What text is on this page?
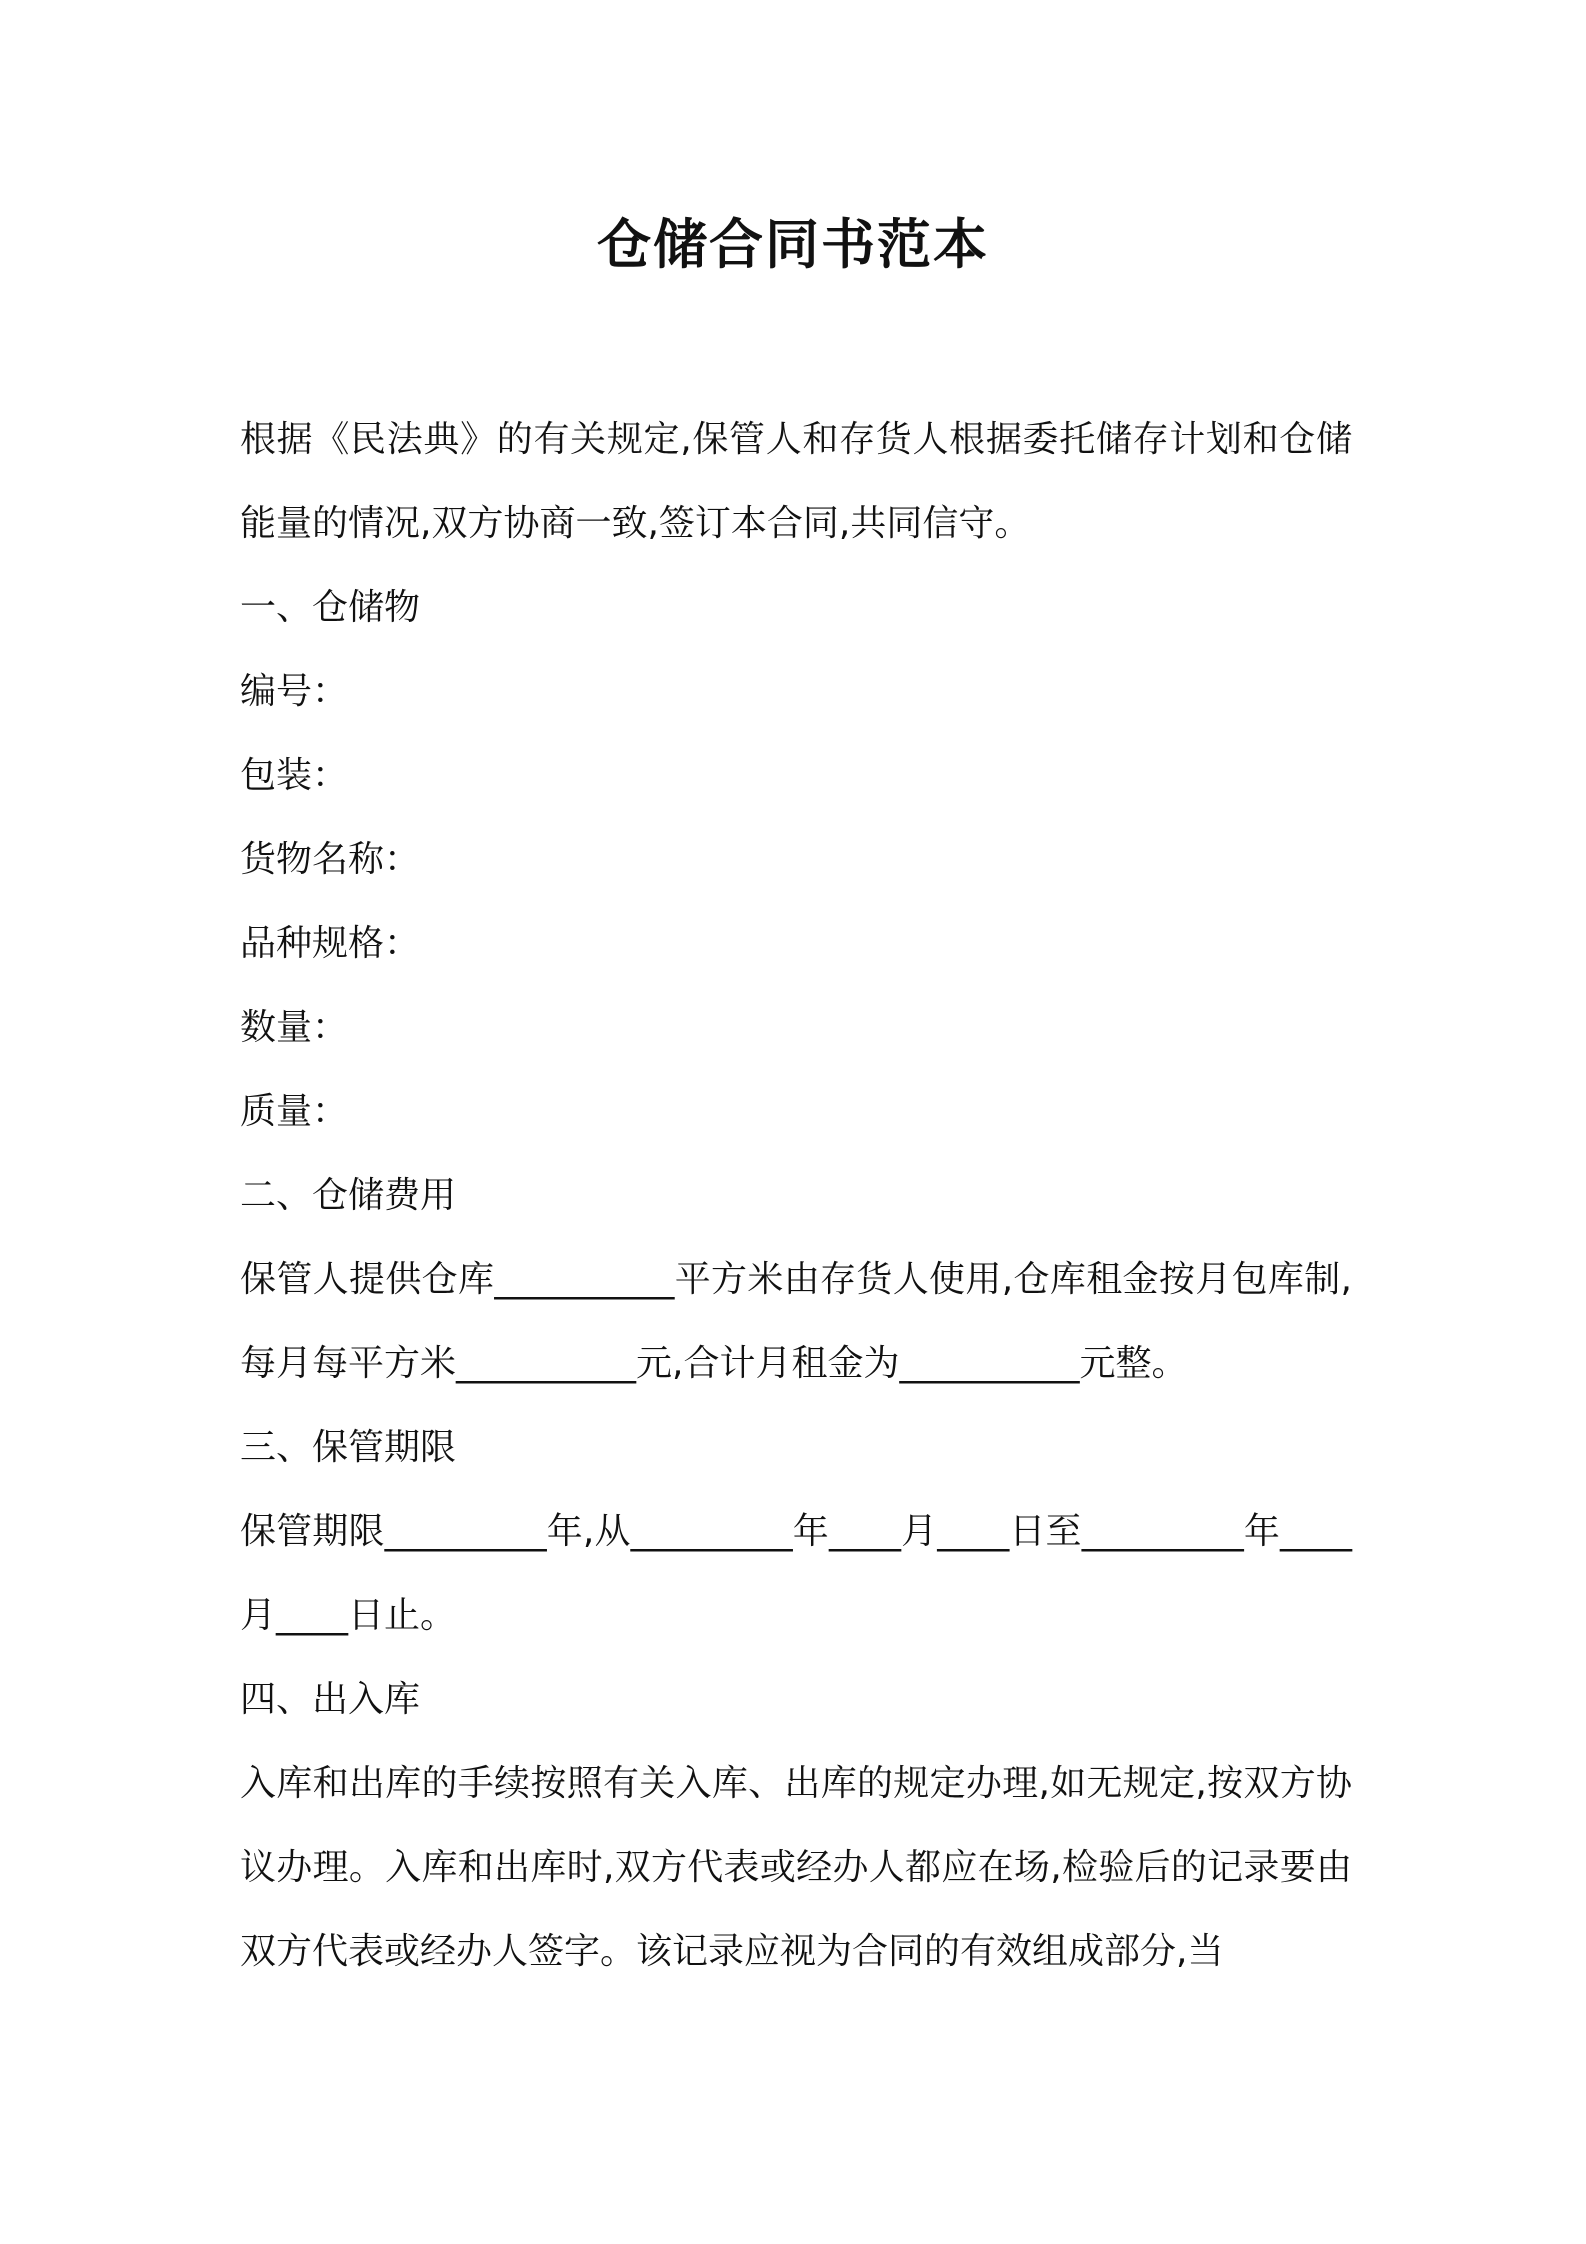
仓储合同书范本

根据《民法典》的有关规定,保管人和存货人根据委托储存计划和仓储能量的情况,双方协商一致,签订本合同,共同信守。

一、仓储物

编号：

包装：

货物名称：

品种规格：

数量：

质量：

二、仓储费用

保管人提供仓库__________平方米由存货人使用,仓库租金按月包库制,每月每平方米__________元,合计月租金为__________元整。

三、保管期限

保管期限_________年,从_________年____月____日至_________年____月____日止。

四、出入库

入库和出库的手续按照有关入库、出库的规定办理,如无规定,按双方协议办理。入库和出库时,双方代表或经办人都应在场,检验后的记录要由双方代表或经办人签字。该记录应视为合同的有效组成部分,当
